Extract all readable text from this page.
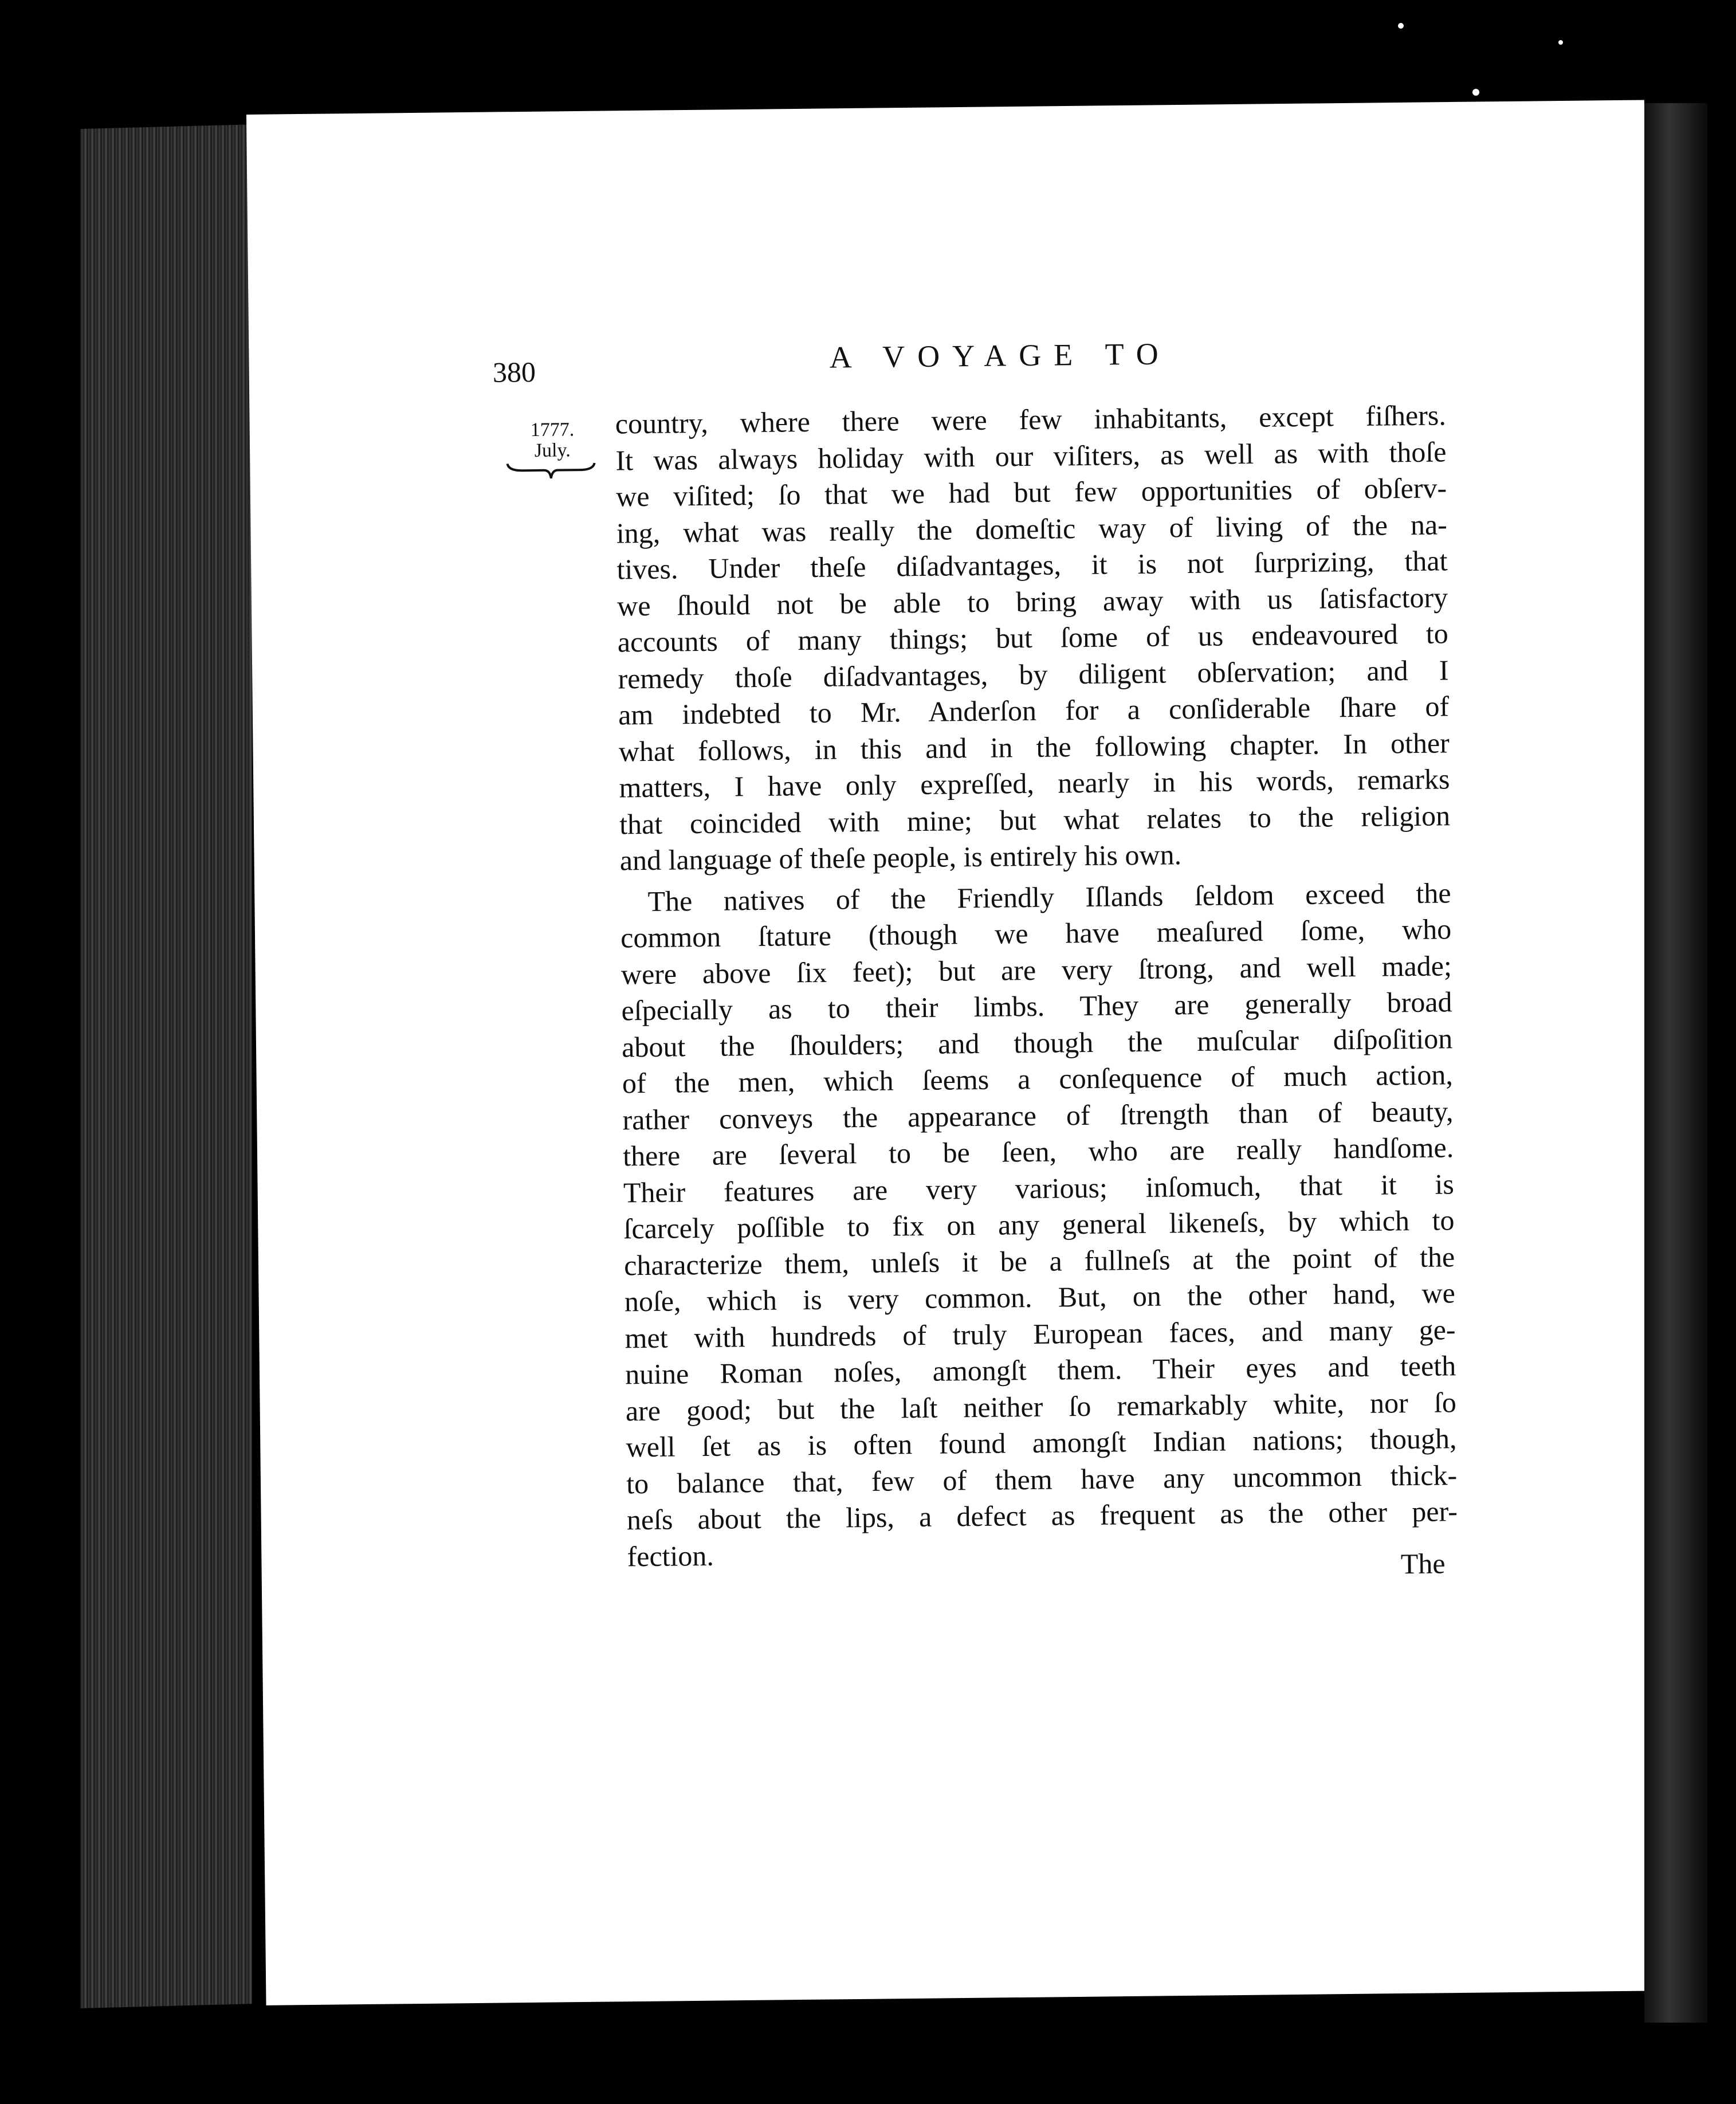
380	A VOYAGE TO
1777.
July.

country, where there were few inhabitants, except fiſhers.
It was always holiday with our viſiters, as well as with thoſe
we viſited; ſo that we had but few opportunities of obſerv-
ing, what was really the domeſtic way of living of the na-
tives. Under theſe diſadvantages, it is not ſurprizing, that
we ſhould not be able to bring away with us ſatisfactory
accounts of many things; but ſome of us endeavoured to
remedy thoſe diſadvantages, by diligent obſervation; and I
am indebted to Mr. Anderſon for a conſiderable ſhare of
what follows, in this and in the following chapter. In other
matters, I have only expreſſed, nearly in his words, remarks
that coincided with mine; but what relates to the religion
and language of theſe people, is entirely his own.

The natives of the Friendly Iſlands ſeldom exceed the
common ſtature (though we have meaſured ſome, who
were above ſix feet); but are very ſtrong, and well made;
eſpecially as to their limbs. They are generally broad
about the ſhoulders; and though the muſcular diſpoſition
of the men, which ſeems a conſequence of much action,
rather conveys the appearance of ſtrength than of beauty,
there are ſeveral to be ſeen, who are really handſome.
Their features are very various; inſomuch, that it is
ſcarcely poſſible to fix on any general likeneſs, by which to
characterize them, unleſs it be a fullneſs at the point of the
noſe, which is very common. But, on the other hand, we
met with hundreds of truly European faces, and many ge-
nuine Roman noſes, amongſt them. Their eyes and teeth
are good; but the laſt neither ſo remarkably white, nor ſo
well ſet as is often found amongſt Indian nations; though,
to balance that, few of them have any uncommon thick-
neſs about the lips, a defect as frequent as the other per-
fection.	The
